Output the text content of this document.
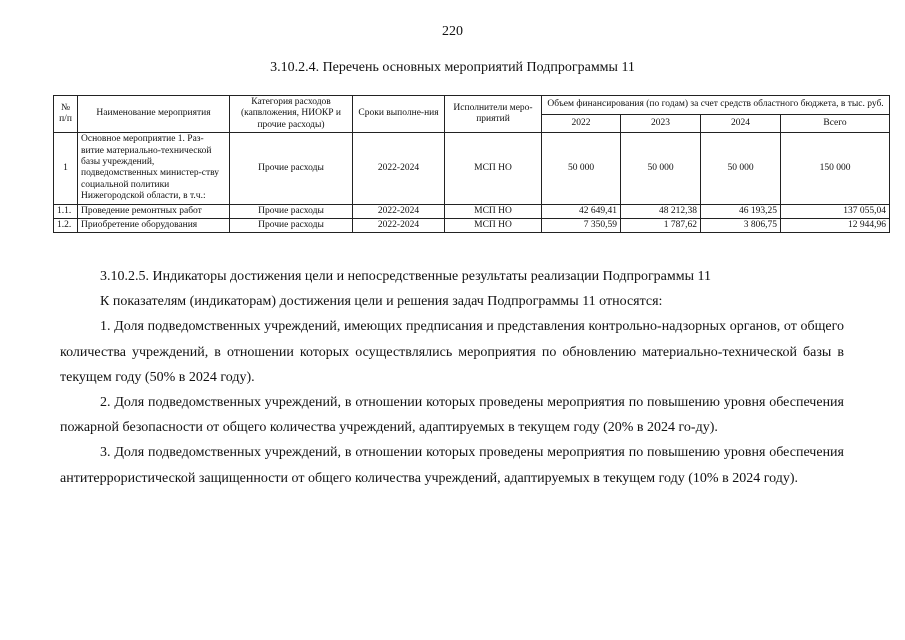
220
3.10.2.4. Перечень основных мероприятий Подпрограммы 11
№ п/п	Наименование мероприятия	Категория расходов (капвложения, НИОКР и прочие расходы)	Сроки выполне-ния	Исполнители меро-приятий	Объем финансирования (по годам) за счет средств областного бюджета, в тыс. руб.			
					2022	2023	2024	Всего
1	Основное мероприятие 1. Раз-витие материально-технической базы учреждений, подведомственных министер-ству социальной политики Нижегородской области, в т.ч.:	Прочие расходы	2022-2024	МСП НО	50 000	50 000	50 000	150 000
1.1.	Проведение ремонтных работ	Прочие расходы	2022-2024	МСП НО	42 649,41	48 212,38	46 193,25	137 055,04
1.2.	Приобретение оборудования	Прочие расходы	2022-2024	МСП НО	7 350,59	1 787,62	3 806,75	12 944,96

3.10.2.5. Индикаторы достижения цели и непосредственные результаты реализации Подпрограммы 11

К показателям (индикаторам) достижения цели и решения задач Подпрограммы 11 относятся:

1. Доля подведомственных учреждений, имеющих предписания и представления контрольно-надзорных органов, от общего количества учреждений, в отношении которых осуществлялись мероприятия по обновлению материально-технической базы в текущем году (50% в 2024 году).

2. Доля подведомственных учреждений, в отношении которых проведены мероприятия по повышению уровня обеспечения пожарной безопасности от общего количества учреждений, адаптируемых в текущем году (20% в 2024 го-ду).

3. Доля подведомственных учреждений, в отношении которых проведены мероприятия по повышению уровня обеспечения антитеррористической защищенности от общего количества учреждений, адаптируемых в текущем году (10% в 2024 году).
